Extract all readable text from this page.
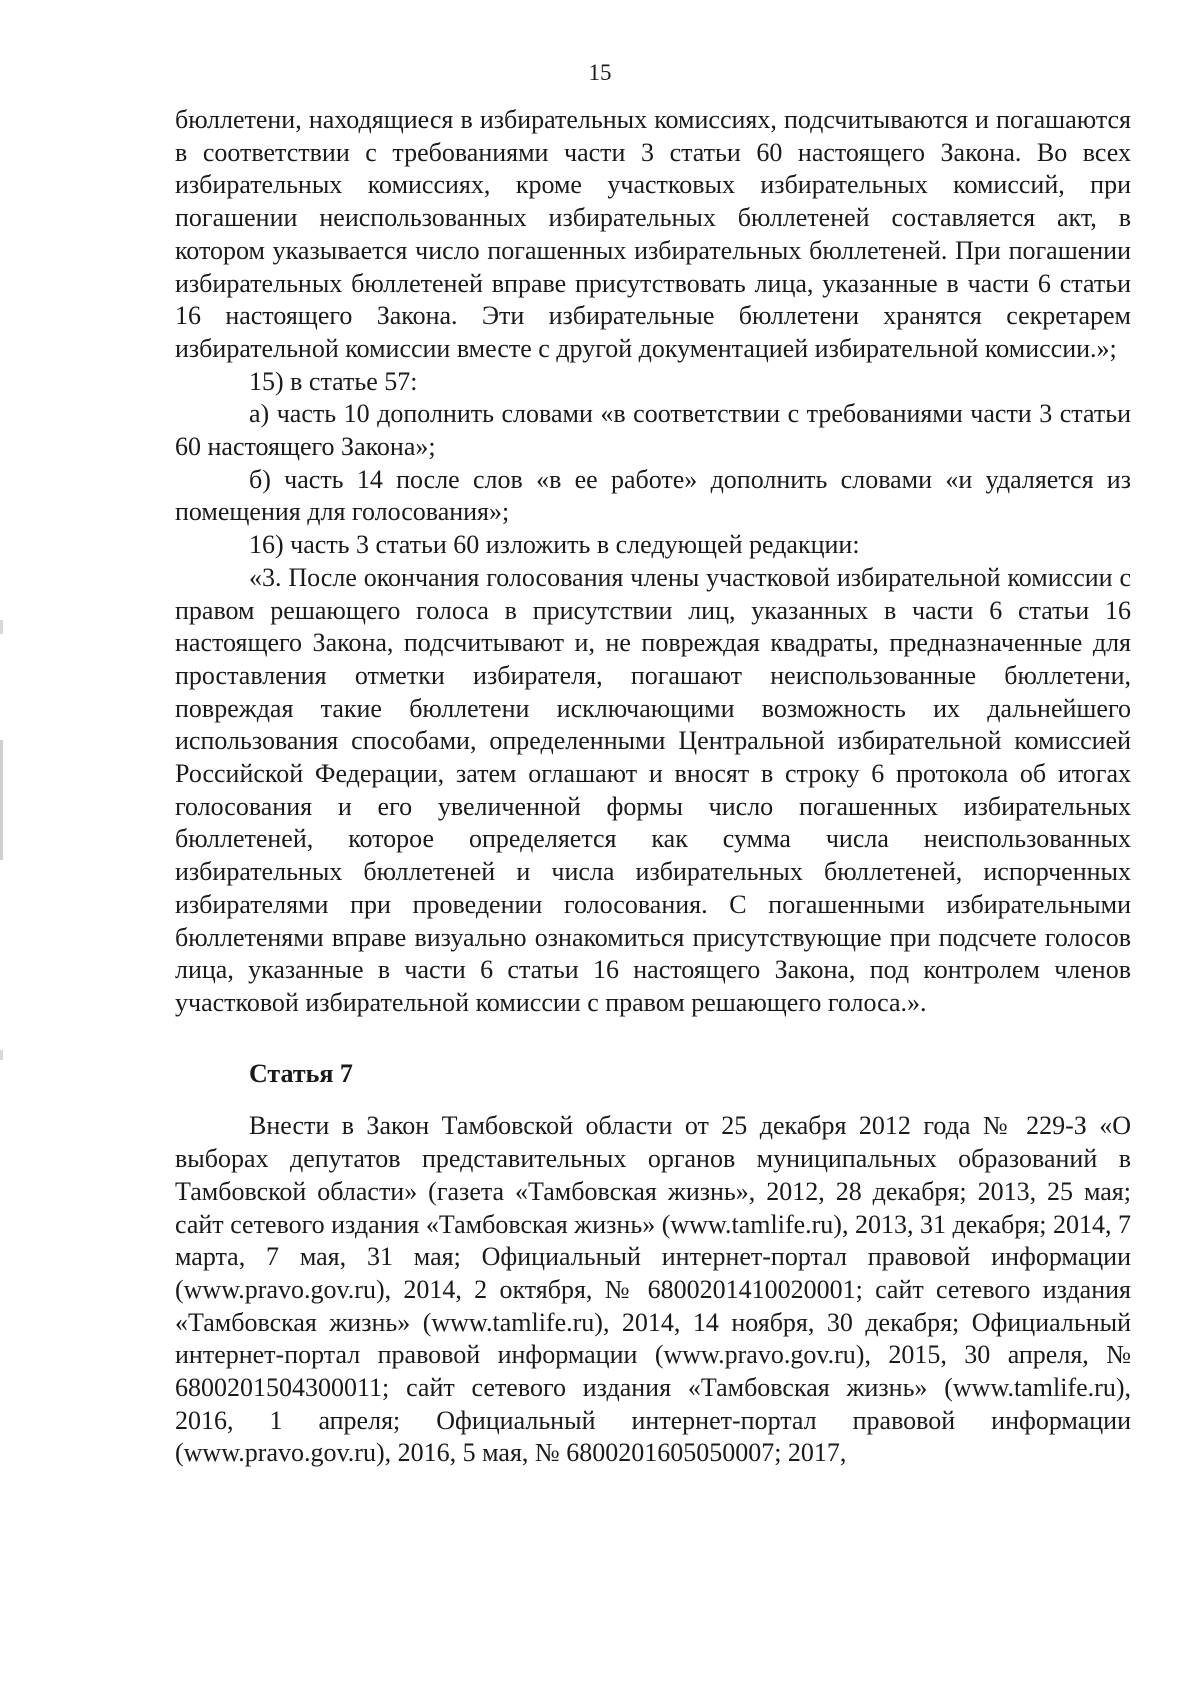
15

бюллетени, находящиеся в избирательных комиссиях, подсчитываются и погашаются в соответствии с требованиями части 3 статьи 60 настоящего Закона. Во всех избирательных комиссиях, кроме участковых избирательных комиссий, при погашении неиспользованных избирательных бюллетеней составляется акт, в котором указывается число погашенных избирательных бюллетеней. При погашении избирательных бюллетеней вправе присутствовать лица, указанные в части 6 статьи 16 настоящего Закона. Эти избирательные бюллетени хранятся секретарем избирательной комиссии вместе с другой документацией избирательной комиссии.»;

15) в статье 57:

а) часть 10 дополнить словами «в соответствии с требованиями части 3 статьи 60 настоящего Закона»;

б) часть 14 после слов «в ее работе» дополнить словами «и удаляется из помещения для голосования»;

16) часть 3 статьи 60 изложить в следующей редакции:

«3. После окончания голосования члены участковой избирательной комиссии с правом решающего голоса в присутствии лиц, указанных в части 6 статьи 16 настоящего Закона, подсчитывают и, не повреждая квадраты, предназначенные для проставления отметки избирателя, погашают неиспользованные бюллетени, повреждая такие бюллетени исключающими возможность их дальнейшего использования способами, определенными Центральной избирательной комиссией Российской Федерации, затем оглашают и вносят в строку 6 протокола об итогах голосования и его увеличенной формы число погашенных избирательных бюллетеней, которое определяется как сумма числа неиспользованных избирательных бюллетеней и числа избирательных бюллетеней, испорченных избирателями при проведении голосования. С погашенными избирательными бюллетенями вправе визуально ознакомиться присутствующие при подсчете голосов лица, указанные в части 6 статьи 16 настоящего Закона, под контролем членов участковой избирательной комиссии с правом решающего голоса.».

Статья 7

Внести в Закон Тамбовской области от 25 декабря 2012 года № 229-З «О выборах депутатов представительных органов муниципальных образований в Тамбовской области» (газета «Тамбовская жизнь», 2012, 28 декабря; 2013, 25 мая; сайт сетевого издания «Тамбовская жизнь» (www.tamlife.ru), 2013, 31 декабря; 2014, 7 марта, 7 мая, 31 мая; Официальный интернет-портал правовой информации (www.pravo.gov.ru), 2014, 2 октября, № 6800201410020001; сайт сетевого издания «Тамбовская жизнь» (www.tamlife.ru), 2014, 14 ноября, 30 декабря; Официальный интернет-портал правовой информации (www.pravo.gov.ru), 2015, 30 апреля, № 6800201504300011; сайт сетевого издания «Тамбовская жизнь» (www.tamlife.ru), 2016, 1 апреля; Официальный интернет-портал правовой информации (www.pravo.gov.ru), 2016, 5 мая, № 6800201605050007; 2017,
